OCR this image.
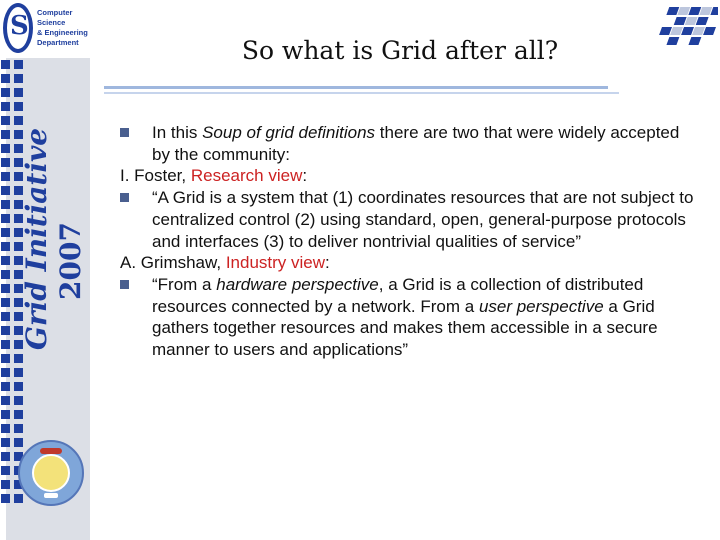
Grid Initiative 2007
S Computer Science
& Engineering
Department	So what is Grid after all?
In this Soup of grid definitions there are two that were widely accepted by the community:
I. Foster, Research view:
“A Grid is a system that (1) coordinates resources that are not subject to centralized control (2) using standard, open, general-purpose protocols and interfaces (3) to deliver nontrivial qualities of service”
A. Grimshaw, Industry view:
“From a hardware perspective, a Grid is a collection of distributed resources connected by a network. From a user perspective a Grid gathers together resources and makes them accessible in a secure manner to users and applications”
